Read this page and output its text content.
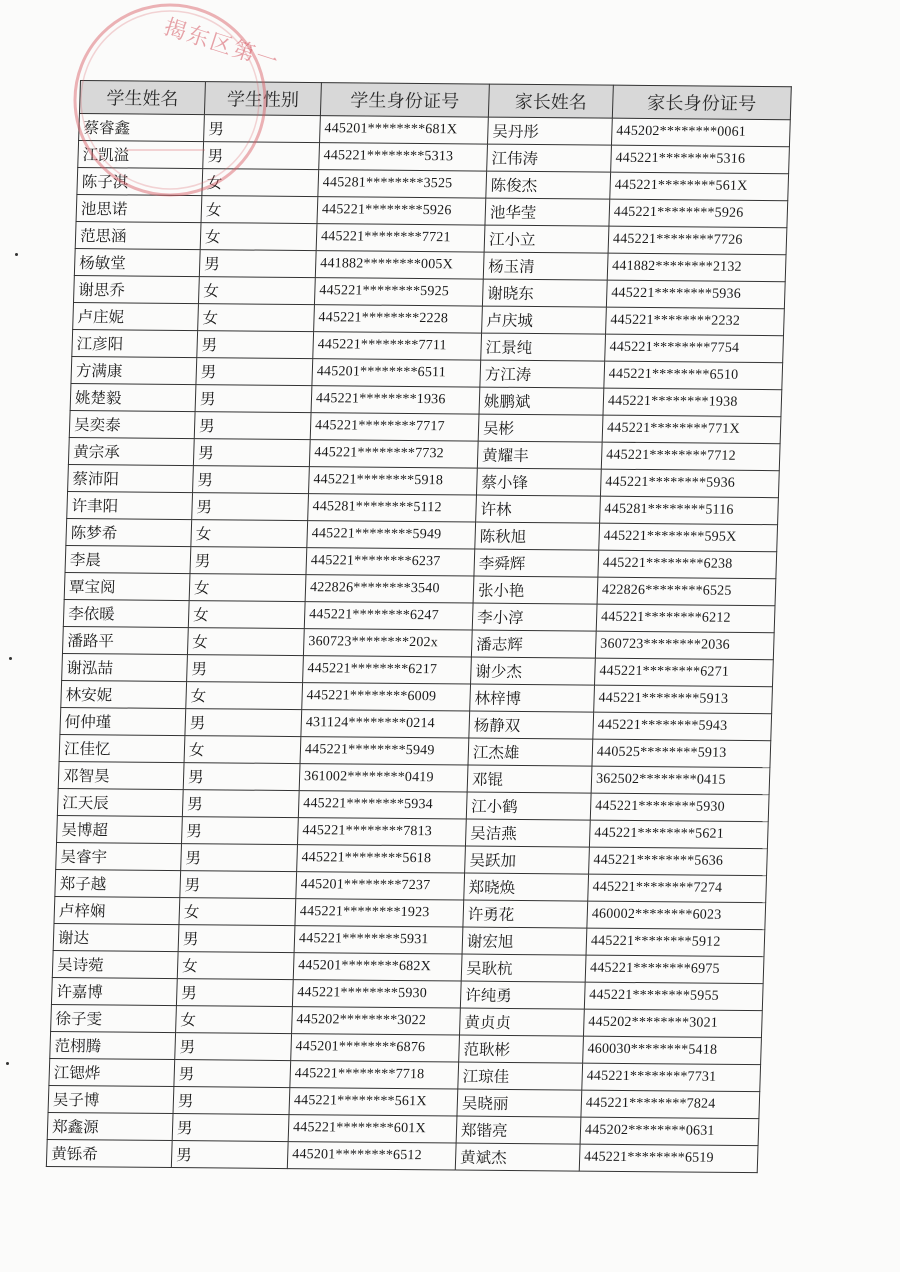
揭东区第一
学生姓名	学生性别	学生身份证号	家长姓名	家长身份证号
蔡睿鑫	男	445201********681X	吴丹彤	445202********0061
江凯溢	男	445221********5313	江伟涛	445221********5316
陈子淇	女	445281********3525	陈俊杰	445221********561X
池思诺	女	445221********5926	池华莹	445221********5926
范思涵	女	445221********7721	江小立	445221********7726
杨敏堂	男	441882********005X	杨玉清	441882********2132
谢思乔	女	445221********5925	谢晓东	445221********5936
卢庄妮	女	445221********2228	卢庆城	445221********2232
江彦阳	男	445221********7711	江景纯	445221********7754
方满康	男	445201********6511	方江涛	445221********6510
姚楚毅	男	445221********1936	姚鹏斌	445221********1938
吴奕泰	男	445221********7717	吴彬	445221********771X
黄宗承	男	445221********7732	黄耀丰	445221********7712
蔡沛阳	男	445221********5918	蔡小锋	445221********5936
许聿阳	男	445281********5112	许林	445281********5116
陈梦希	女	445221********5949	陈秋旭	445221********595X
李晨	男	445221********6237	李舜辉	445221********6238
覃宝阅	女	422826********3540	张小艳	422826********6525
李依暖	女	445221********6247	李小淳	445221********6212
潘路平	女	360723********202x	潘志辉	360723********2036
谢泓喆	男	445221********6217	谢少杰	445221********6271
林安妮	女	445221********6009	林梓博	445221********5913
何仲瑾	男	431124********0214	杨静双	445221********5943
江佳忆	女	445221********5949	江杰雄	440525********5913
邓智昊	男	361002********0419	邓锟	362502********0415
江天辰	男	445221********5934	江小鹤	445221********5930
吴博超	男	445221********7813	吴洁燕	445221********5621
吴睿宇	男	445221********5618	吴跃加	445221********5636
郑子越	男	445201********7237	郑晓焕	445221********7274
卢梓娴	女	445221********1923	许勇花	460002********6023
谢达	男	445221********5931	谢宏旭	445221********5912
吴诗菀	女	445201********682X	吴耿杭	445221********6975
许嘉博	男	445221********5930	许纯勇	445221********5955
徐子雯	女	445202********3022	黄贞贞	445202********3021
范栩腾	男	445201********6876	范耿彬	460030********5418
江锶烨	男	445221********7718	江琼佳	445221********7731
吴子博	男	445221********561X	吴晓丽	445221********7824
郑鑫源	男	445221********601X	郑锴亮	445202********0631
黄铄希	男	445201********6512	黄斌杰	445221********6519
